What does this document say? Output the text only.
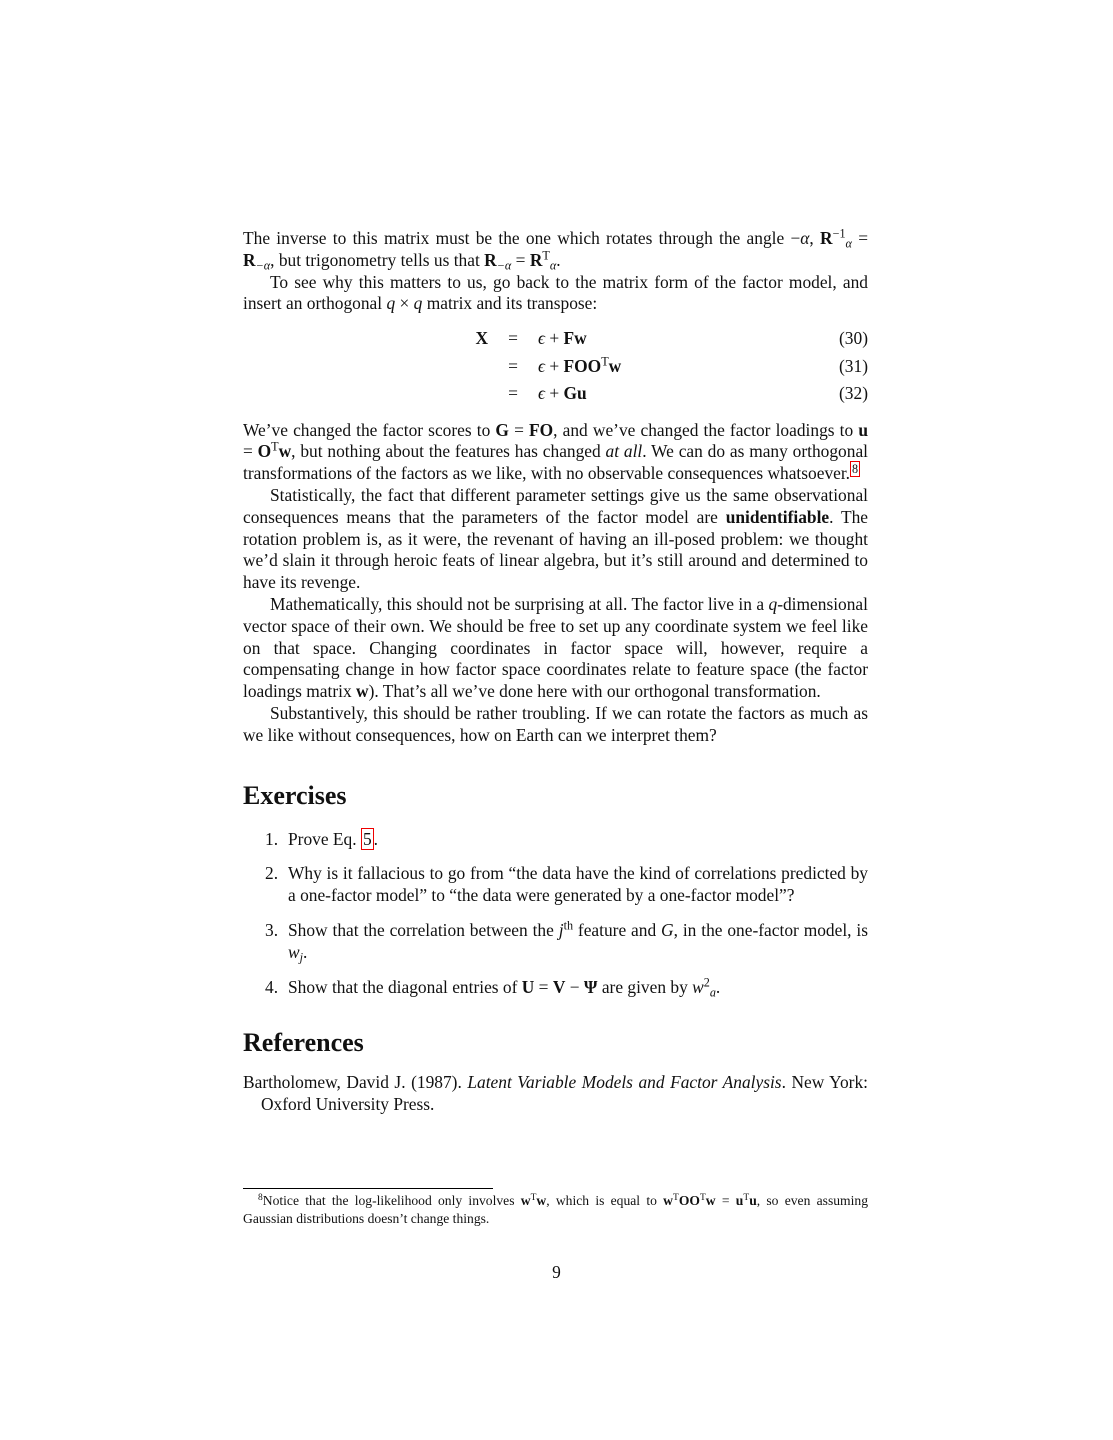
The inverse to this matrix must be the one which rotates through the angle −α, $R^{-1}_\alpha = R_{-\alpha}$, but trigonometry tells us that $R_{-\alpha} = R^T_\alpha$.

To see why this matters to us, go back to the matrix form of the factor model, and insert an orthogonal q × q matrix and its transpose:

X	=	ϵ + Fw	(30)
	=	$\epsilon + FOO^Tw$	(31)
	=	ϵ + Gu	(32)

We’ve changed the factor scores to G = FO, and we’ve changed the factor loadings to $u = O^Tw$, but nothing about the features has changed at all. We can do as many orthogonal transformations of the factors as we like, with no observable consequences whatsoever. $^8$

Statistically, the fact that different parameter settings give us the same observational consequences means that the parameters of the factor model are unidentifiable. The rotation problem is, as it were, the revenant of having an ill-posed problem: we thought we’d slain it through heroic feats of linear algebra, but it’s still around and determined to have its revenge.

Mathematically, this should not be surprising at all. The factor live in a q-dimensional vector space of their own. We should be free to set up any coordinate system we feel like on that space. Changing coordinates in factor space will, however, require a compensating change in how factor space coordinates relate to feature space (the factor loadings matrix w). That’s all we’ve done here with our orthogonal transformation.

Substantively, this should be rather troubling. If we can rotate the factors as much as we like without consequences, how on Earth can we interpret them?

Exercises
1. Prove Eq. 5 .
2. Why is it fallacious to go from “the data have the kind of correlations predicted by a one-factor model” to “the data were generated by a one-factor model”?
3. Show that the correlation between the $j^{th}$ feature and G, in the one-factor model, is $w_j$.
4. Show that the diagonal entries of U = V − Ψ are given by $w^2_a$.
References

Bartholomew, David J. (1987). Latent Variable Models and Factor Analysis. New York: Oxford University Press.

$^8$Notice that the log-likelihood only involves $w^Tw$, which is equal to $w^TOO^Tw = u^Tu$, so even assuming Gaussian distributions doesn’t change things.

9
